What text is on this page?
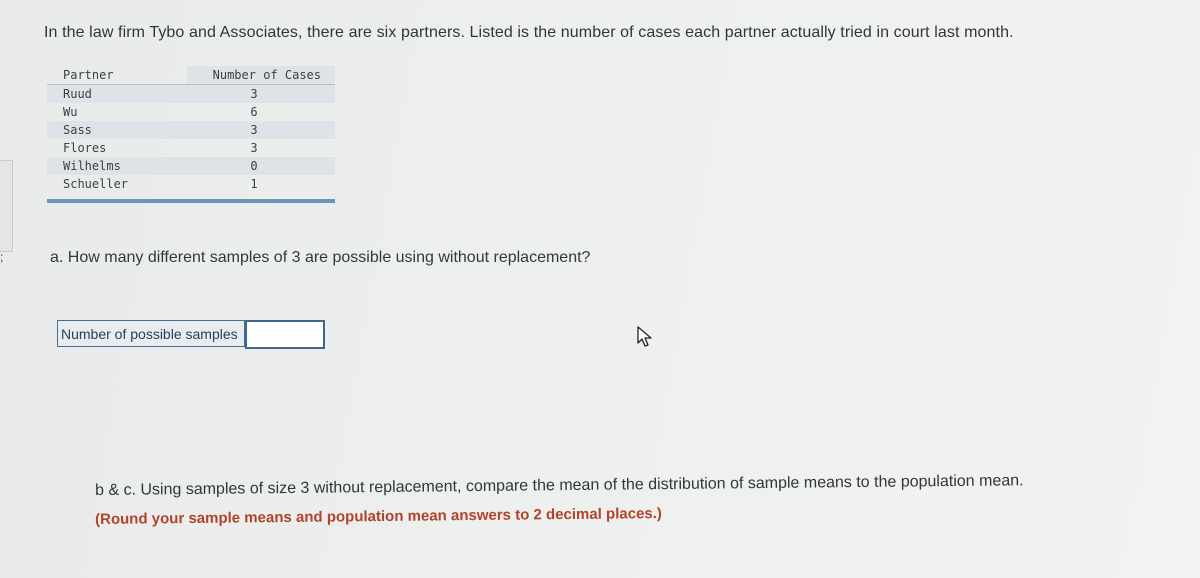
;
In the law firm Tybo and Associates, there are six partners. Listed is the number of cases each partner actually tried in court last month.
Partner	Number of Cases
Ruud	3
Wu	6
Sass	3
Flores	3
Wilhelms	0
Schueller	1
a. How many different samples of 3 are possible using without replacement?
Number of possible samples
b & c. Using samples of size 3 without replacement, compare the mean of the distribution of sample means to the population mean.
(Round your sample means and population mean answers to 2 decimal places.)
